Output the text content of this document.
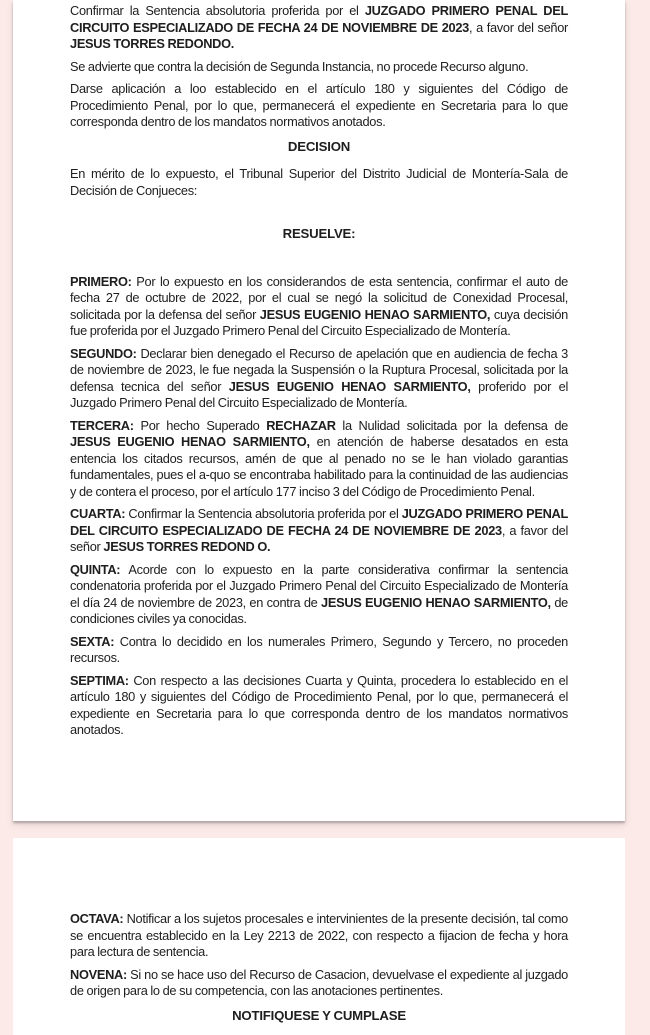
Confirmar la Sentencia absolutoria proferida por el JUZGADO PRIMERO PENAL DEL CIRCUITO ESPECIALIZADO DE FECHA 24 DE NOVIEMBRE DE 2023, a favor del señor JESUS TORRES REDONDO.

Se advierte que contra la decisión de Segunda Instancia, no procede Recurso alguno.

Darse aplicación a loo establecido en el artículo 180 y siguientes del Código de Procedimiento Penal, por lo que, permanecerá el expediente en Secretaria para lo que corresponda dentro de los mandatos normativos anotados.

DECISION

En mérito de lo expuesto, el Tribunal Superior del Distrito Judicial de Montería-Sala de Decisión de Conjueces:

RESUELVE:

PRIMERO: Por lo expuesto en los considerandos de esta sentencia, confirmar el auto de fecha 27 de octubre de 2022, por el cual se negó la solicitud de Conexidad Procesal, solicitada por la defensa del señor JESUS EUGENIO HENAO SARMIENTO, cuya decisión fue proferida por el Juzgado Primero Penal del Circuito Especializado de Montería.

SEGUNDO: Declarar bien denegado el Recurso de apelación que en audiencia de fecha 3 de noviembre de 2023, le fue negada la Suspensión o la Ruptura Procesal, solicitada por la defensa tecnica del señor JESUS EUGENIO HENAO SARMIENTO, proferido por el Juzgado Primero Penal del Circuito Especializado de Montería.

TERCERA: Por hecho Superado RECHAZAR la Nulidad solicitada por la defensa de JESUS EUGENIO HENAO SARMIENTO, en atención de haberse desatados en esta entencia los citados recursos, amén de que al penado no se le han violado garantias fundamentales, pues el a-quo se encontraba habilitado para la continuidad de las audiencias y de contera el proceso, por el artículo 177 inciso 3 del Código de Procedimiento Penal.

CUARTA: Confirmar la Sentencia absolutoria proferida por el JUZGADO PRIMERO PENAL DEL CIRCUITO ESPECIALIZADO DE FECHA 24 DE NOVIEMBRE DE 2023, a favor del señor JESUS TORRES REDOND O.

QUINTA: Acorde con lo expuesto en la parte considerativa confirmar la sentencia condenatoria proferida por el Juzgado Primero Penal del Circuito Especializado de Montería el día 24 de noviembre de 2023, en contra de JESUS EUGENIO HENAO SARMIENTO, de condiciones civiles ya conocidas.

SEXTA: Contra lo decidido en los numerales Primero, Segundo y Tercero, no proceden recursos.

SEPTIMA: Con respecto a las decisiones Cuarta y Quinta, procedera lo establecido en el artículo 180 y siguientes del Código de Procedimiento Penal, por lo que, permanecerá el expediente en Secretaria para lo que corresponda dentro de los mandatos normativos anotados.

OCTAVA: Notificar a los sujetos procesales e intervinientes de la presente decisión, tal como se encuentra establecido en la Ley 2213 de 2022, con respecto a fijacion de fecha y hora para lectura de sentencia.

NOVENA: Si no se hace uso del Recurso de Casacion, devuelvase el expediente al juzgado de origen para lo de su competencia, con las anotaciones pertinentes.

NOTIFIQUESE Y CUMPLASE
